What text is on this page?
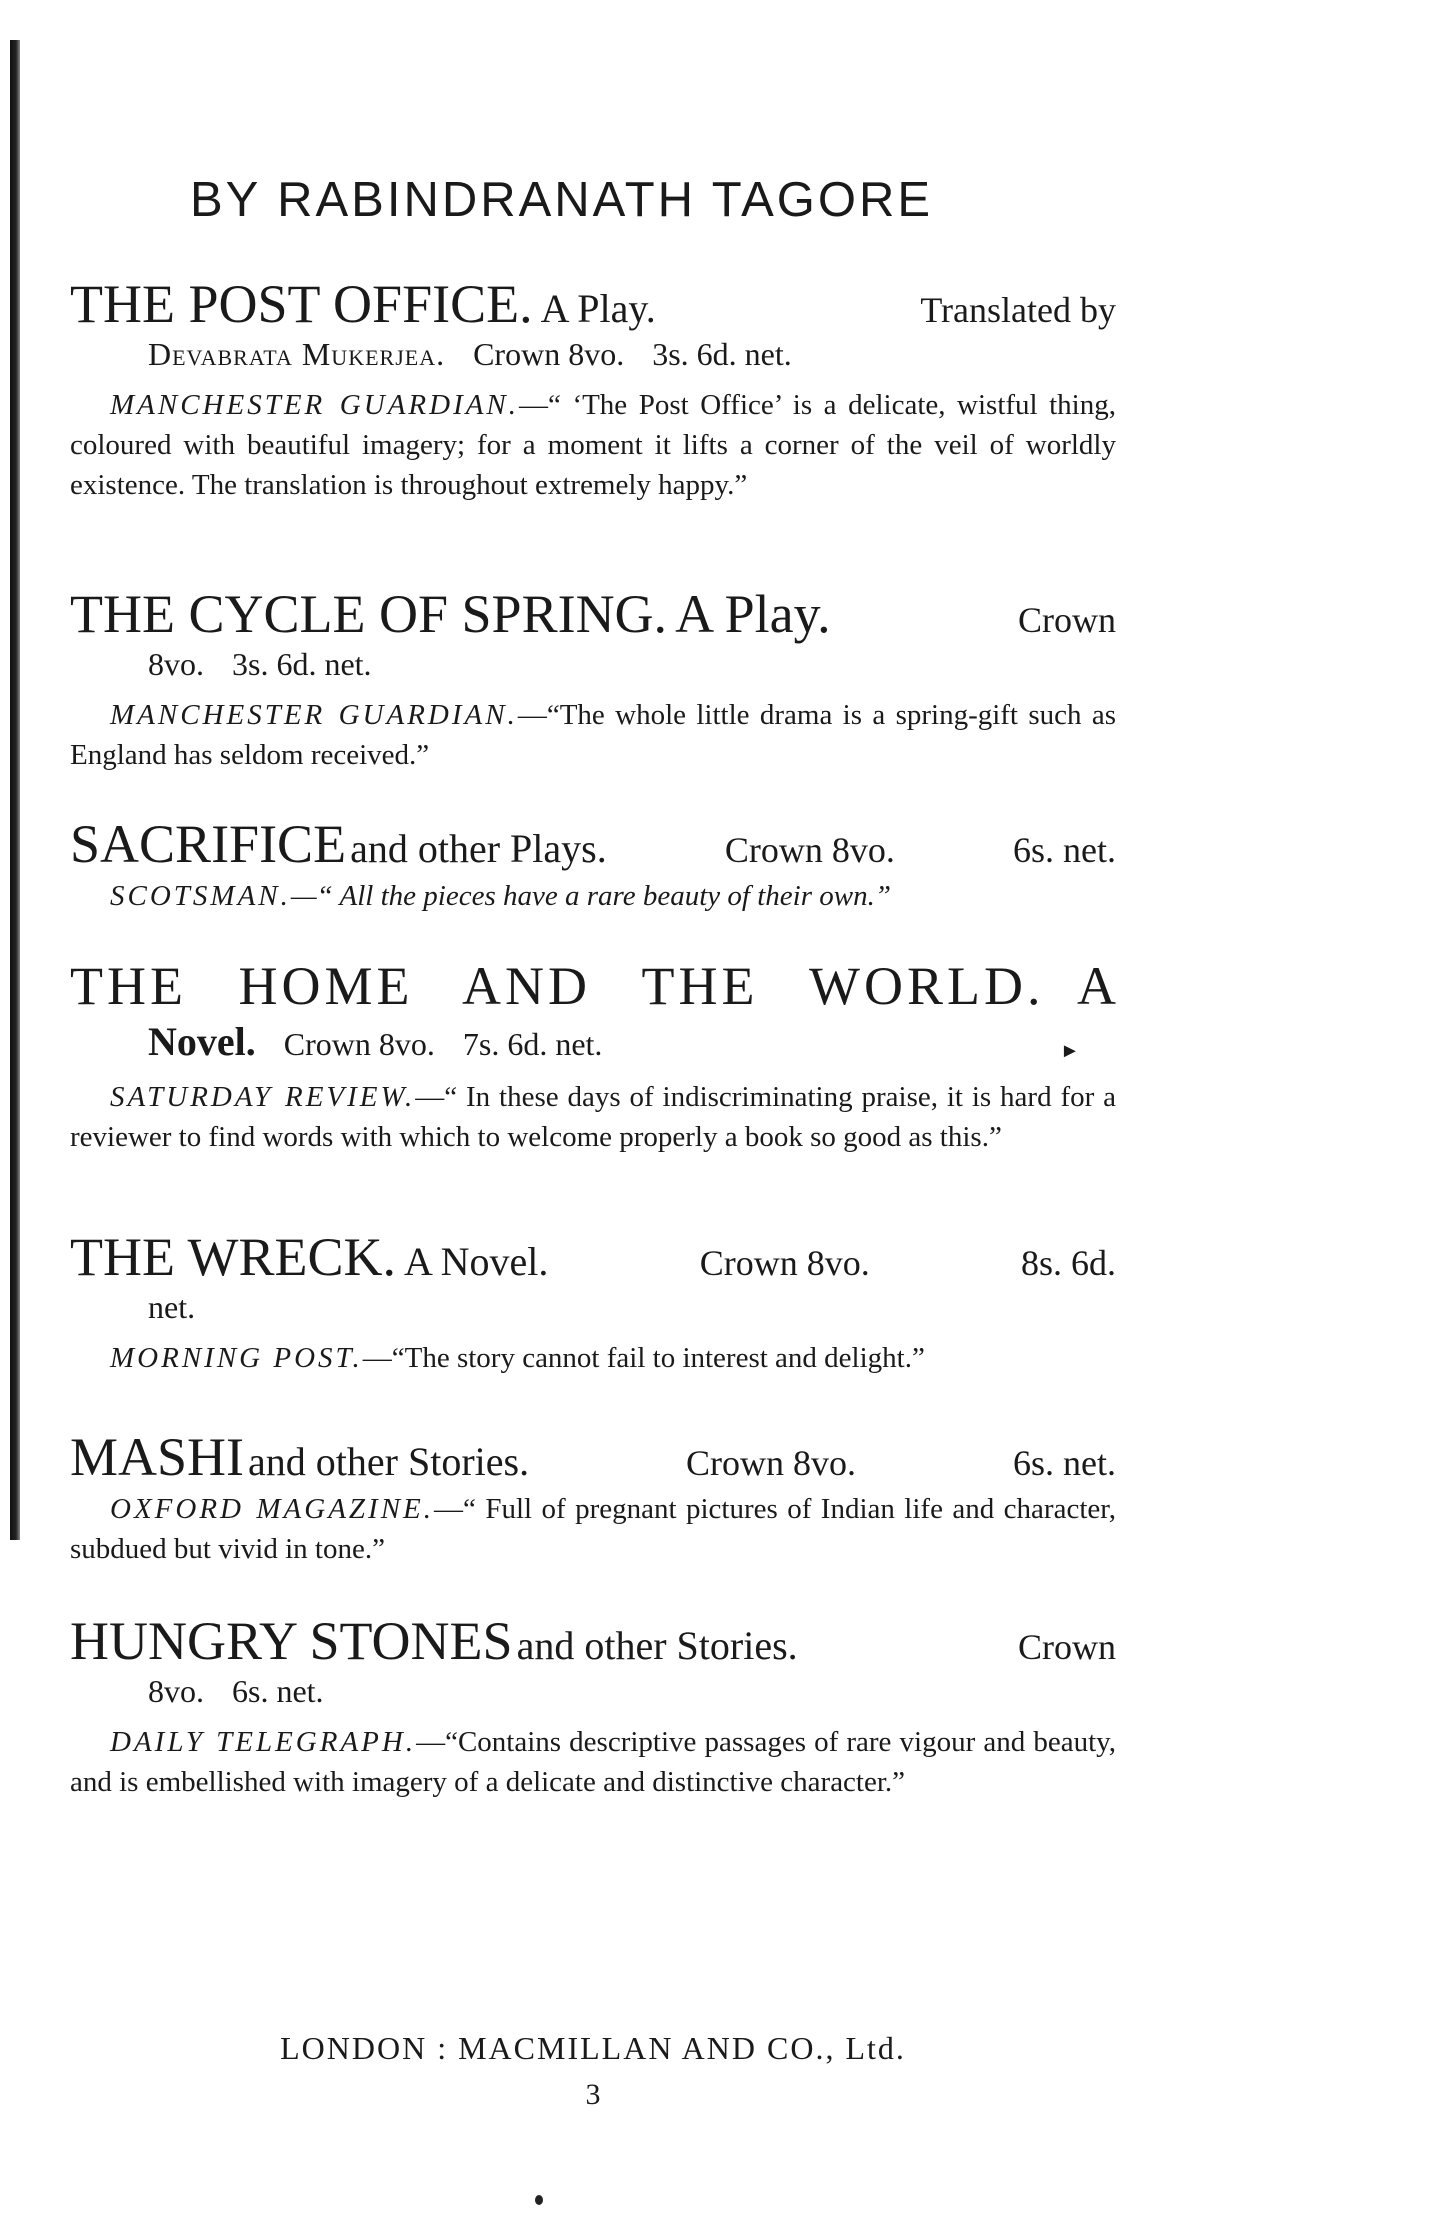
BY RABINDRANATH TAGORE
THE POST OFFICE. A Play.	Translated by
Devabrata Mukerjea. Crown 8vo. 3s. 6d. net.
MANCHESTER GUARDIAN.—“ ‘The Post Office’ is a delicate, wistful thing, coloured with beautiful imagery; for a moment it lifts a corner of the veil of worldly existence. The translation is throughout extremely happy.”
THE CYCLE OF SPRING. A Play.	Crown
8vo. 3s. 6d. net.
MANCHESTER GUARDIAN.—“The whole little drama is a spring-gift such as England has seldom received.”
SACRIFICE and other Plays.	Crown 8vo.	6s. net.
SCOTSMAN.—“ All the pieces have a rare beauty of their own.”
THE HOME AND THE WORLD. A
Novel. Crown 8vo. 7s. 6d. net.
SATURDAY REVIEW.—“ In these days of indiscriminating praise, it is hard for a reviewer to find words with which to welcome properly a book so good as this.”
THE WRECK. A Novel.	Crown 8vo.	8s. 6d.
net.
MORNING POST.—“The story cannot fail to interest and delight.”
MASHI and other Stories.	Crown 8vo.	6s. net.
OXFORD MAGAZINE.—“ Full of pregnant pictures of Indian life and character, subdued but vivid in tone.”
HUNGRY STONES and other Stories.	Crown
8vo. 6s. net.
DAILY TELEGRAPH.—“Contains descriptive passages of rare vigour and beauty, and is embellished with imagery of a delicate and distinctive character.”
LONDON : MACMILLAN AND CO., Ltd.
3
►
